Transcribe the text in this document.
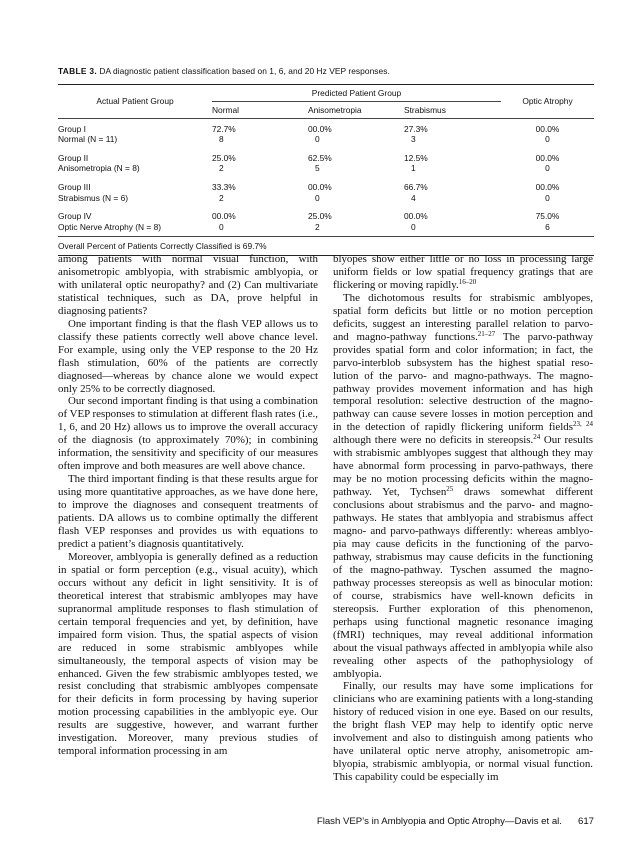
TABLE 3. DA diagnostic patient classification based on 1, 6, and 20 Hz VEP responses.
Actual Patient Group	Predicted Patient Group			Optic Atrophy
	Normal	Anisometropia	Strabismus	
Group I	72.7%	00.0%	27.3%	00.0%
Normal (N = 11)	8	0	3	0

Group II	25.0%	62.5%	12.5%	00.0%
Anisometropia (N = 8)	2	5	1	0

Group III	33.3%	00.0%	66.7%	00.0%
Strabismus (N = 6)	2	0	4	0

Group IV	00.0%	25.0%	00.0%	75.0%
Optic Nerve Atrophy (N = 8)	0	2	0	6
Overall Percent of Patients Correctly Classified is 69.7%				

among patients with normal visual function, with anisometropic amblyopia, with strabismic amblyopia, or with unilateral optic neuropathy? and (2) Can multivariate statistical techniques, such as DA, prove helpful in diagnosing patients?

One important finding is that the flash VEP allows us to classify these patients correctly well above chance level. For example, using only the VEP response to the 20 Hz flash stimulation, 60% of the patients are correctly diagnosed—whereas by chance alone we would expect only 25% to be correctly diagnosed.

Our second important finding is that using a combination of VEP responses to stimulation at different flash rates (i.e., 1, 6, and 20 Hz) allows us to improve the overall accuracy of the diagnosis (to approximately 70%); in combining information, the sensitivity and specificity of our measures often improve and both measures are well above chance.

The third important finding is that these results argue for using more quantitative approaches, as we have done here, to improve the diagnoses and consequent treatments of patients. DA allows us to combine optimally the different flash VEP responses and provides us with equations to predict a patient’s diagnosis quantitatively.

Moreover, amblyopia is generally defined as a reduction in spatial or form perception (e.g., visual acuity), which occurs without any deficit in light sensitivity. It is of theoretical interest that strabismic amblyopes may have supranormal amplitude responses to flash stimulation of certain temporal frequencies and yet, by definition, have impaired form vision. Thus, the spatial aspects of vision are reduced in some strabismic amblyopes while simultaneously, the temporal aspects of vision may be enhanced. Given the few strabismic amblyopes tested, we resist concluding that strabismic amblyopes compensate for their deficits in form processing by having superior motion processing capabilities in the amblyopic eye. Our results are suggestive, however, and warrant further investigation. Moreover, many previous studies of temporal information processing in am

blyopes show either little or no loss in processing large uniform fields or low spatial frequency gratings that are flickering or moving rapidly.$^{16-20}$

The dichotomous results for strabismic amblyopes, spatial form deficits but little or no motion perception deficits, suggest an interesting parallel relation to parvo- and magno-pathway functions.$^{21-27}$ The parvo-pathway provides spatial form and color information; in fact, the parvo-interblob subsystem has the highest spatial resolution of the parvo- and magno-pathways. The magno-pathway provides movement information and has high temporal resolution: selective destruction of the magno-pathway can cause severe losses in motion perception and in the detection of rapidly flickering uniform fields$^{23, 24}$ although there were no deficits in stereopsis.$^{24}$ Our results with strabismic amblyopes suggest that although they may have abnormal form processing in parvo-pathways, there may be no motion processing deficits within the magno-pathway. Yet, Tychsen$^{25}$ draws somewhat different conclusions about strabismus and the parvo- and magno-pathways. He states that amblyopia and strabismus affect magno- and parvo-pathways differently: whereas amblyopia may cause deficits in the functioning of the parvo-pathway, strabismus may cause deficits in the functioning of the magno-pathway. Tyschen assumed the magno-pathway processes stereopsis as well as binocular motion: of course, strabismics have well-known deficits in stereopsis. Further exploration of this phenomenon, perhaps using functional magnetic resonance imaging (fMRI) techniques, may reveal additional information about the visual pathways affected in amblyopia while also revealing other aspects of the pathophysiology of amblyopia.

Finally, our results may have some implications for clinicians who are examining patients with a long-standing history of reduced vision in one eye. Based on our results, the bright flash VEP may help to identify optic nerve involvement and also to distinguish among patients who have unilateral optic nerve atrophy, anisometropic amblyopia, strabismic amblyopia, or normal visual function. This capability could be especially im

Flash VEP’s in Amblyopia and Optic Atrophy—Davis et al. 617
